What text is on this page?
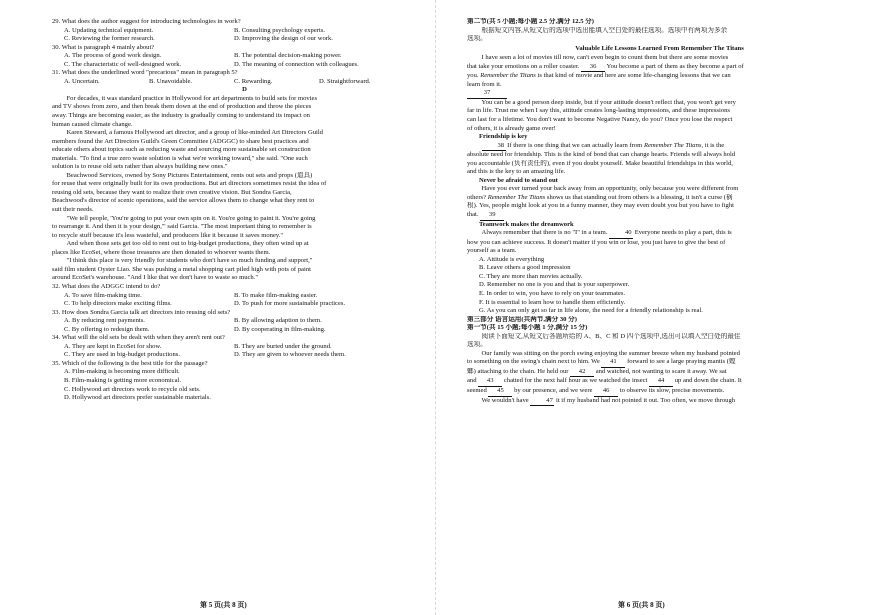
29. What does the author suggest for introducing technologies in work?
A. Updating technical equipment.	B. Consulting psychology experts.
C. Reviewing the former research.	D. Improving the design of our work.
30. What is paragraph 4 mainly about?
A. The process of good work design.	B. The potential decision-making power.
C. The characteristic of well-designed work.	D. The meaning of connection with colleagues.
31. What does the underlined word "precarious" mean in paragraph 5?
A. Uncertain.	B. Unavoidable.	C. Rewarding.	D. Straightforward.
D
For decades, it was standard practice in Hollywood for art departments to build sets for movies
and TV shows from zero, and then break them down at the end of production and throw the pieces
away. Things are becoming easier, as the industry is gradually coming to understand its impact on
human caused climate change.
Karen Steward, a famous Hollywood art director, and a group of like-minded Art Directors Guild
members found the Art Directors Guild's Green Committee (ADGGC) to share best practices and
educate others about topics such as reducing waste and sourcing more sustainable set construction
materials. "To find a true zero waste solution is what we're working toward," she said. "One such
solution is to reuse old sets rather than always building new ones."
Beachwood Services, owned by Sony Pictures Entertainment, rents out sets and props (道具)
for reuse that were originally built for its own productions. But art directors sometimes resist the idea of
reusing old sets, because they want to realize their own creative vision. But Sondra Garcia,
Beachwood's director of scenic operations, said the service allows them to change what they rent to
suit their needs.
"We tell people, 'You're going to put your own spin on it. You're going to paint it. You're going
to rearrange it. And then it is your design,'" said Garcia. "The most important thing to remember is
to recycle stuff because it's less wasteful, and producers like it because it saves money."
And when those sets get too old to rent out to big-budget productions, they often wind up at
places like EcoSet, where those treasures are then donated to whoever wants them.
"I think this place is very friendly for students who don't have so much funding and support,"
said film student Oyster Liao. She was pushing a metal shopping cart piled high with pots of paint
around EcoSet's warehouse. "And I like that we don't have to waste so much."
32. What does the ADGGC intend to do?
A. To save film-making time.	B. To make film-making easier.
C. To help directors make exciting films.	D. To push for more sustainable practices.
33. How does Sondra Garcia talk art directors into reusing old sets?
A. By reducing rent payments.	B. By allowing adaption to them.
C. By offering to redesign them.	D. By cooperating in film-making.
34. What will the old sets be dealt with when they aren't rent out?
A. They are kept in EcoSet for show.	B. They are buried under the ground.
C. They are used in big-budget productions.	D. They are given to whoever needs them.
35. Which of the following is the best title for the passage?
A. Film-making is becoming more difficult.
B. Film-making is getting more economical.
C. Hollywood art directors work to recycle old sets.
D. Hollywood art directors prefer sustainable materials.
第 5 页(共 8 页)
第二节(共 5 小题;每小题 2.5 分,满分 12.5 分)
根据短文内容,从短文后的选项中选出能填入空白处的最佳选项。选项中有两项为多余
选项。
Valuable Life Lessons Learned From Remember The Titans
I have seen a lot of movies till now, can't even begin to count them but there are some movies
that take your emotions on a roller coaster. 36 You become a part of them as they become a part of
you. Remember the Titans is that kind of movie and here are some life-changing lessons that we can
learn from it.
37
You can be a good person deep inside, but if your attitude doesn't reflect that, you won't get very
far in life. Trust me when I say this, attitude creates long-lasting impressions, and these impressions
can last for a lifetime. You don't want to become Negative Nancy, do you? Once you lose the respect
of others, it is already game over!
Friendship is key
38 If there is one thing that we can actually learn from Remember The Titans, it is the
absolute need for friendship. This is the kind of bond that can change hearts. Friends will always hold
you accountable (负有责任的), even if you doubt yourself. Make beautiful friendships in this world,
and this is the key to an amazing life.
Never be afraid to stand out
Have you ever turned your back away from an opportunity, only because you were different from
others? Remember The Titans shows us that standing out from others is a blessing, it isn't a curse (祸
根). Yes, people might look at you in a funny manner, they may even doubt you but you have to fight
that. 39
Teamwork makes the dreamwork
Always remember that there is no "I" in a team.	40 Everyone needs to play a part, this is
how you can achieve success. It doesn't matter if you win or lose, you just have to give the best of
yourself as a team.
A. Attitude is everything
B. Leave others a good impression
C. They are more than movies actually.
D. Remember no one is you and that is your superpower.
E. In order to win, you have to rely on your teammates.
F. It is essential to learn how to handle them efficiently.
G. As you can only get so far in life alone, the need for a friendly relationship is real.
第三部分 语言运用(共两节,满分 30 分)
第一节(共 15 小题;每小题 1 分,满分 15 分)
阅读下面短文,从短文后各题所给的 A、B、C 和 D 四个选项中,选出可以填入空白处的最佳
选项。
Our family was sitting on the porch swing enjoying the summer breeze when my husband pointed
to something on the swing's chain next to him. We 41 forward to see a large praying mantis (螳
螂) attaching to the chain. He held our 42 and watched, not wanting to scare it away. We sat
and 43 chatted for the next half hour as we watched the insect 44 up and down the chain. It
seemed 45 by our presence, and we were 46 to observe its slow, precise movements.
We wouldn't have	47 it if my husband had not pointed it out. Too often, we move through
第 6 页(共 8 页)
